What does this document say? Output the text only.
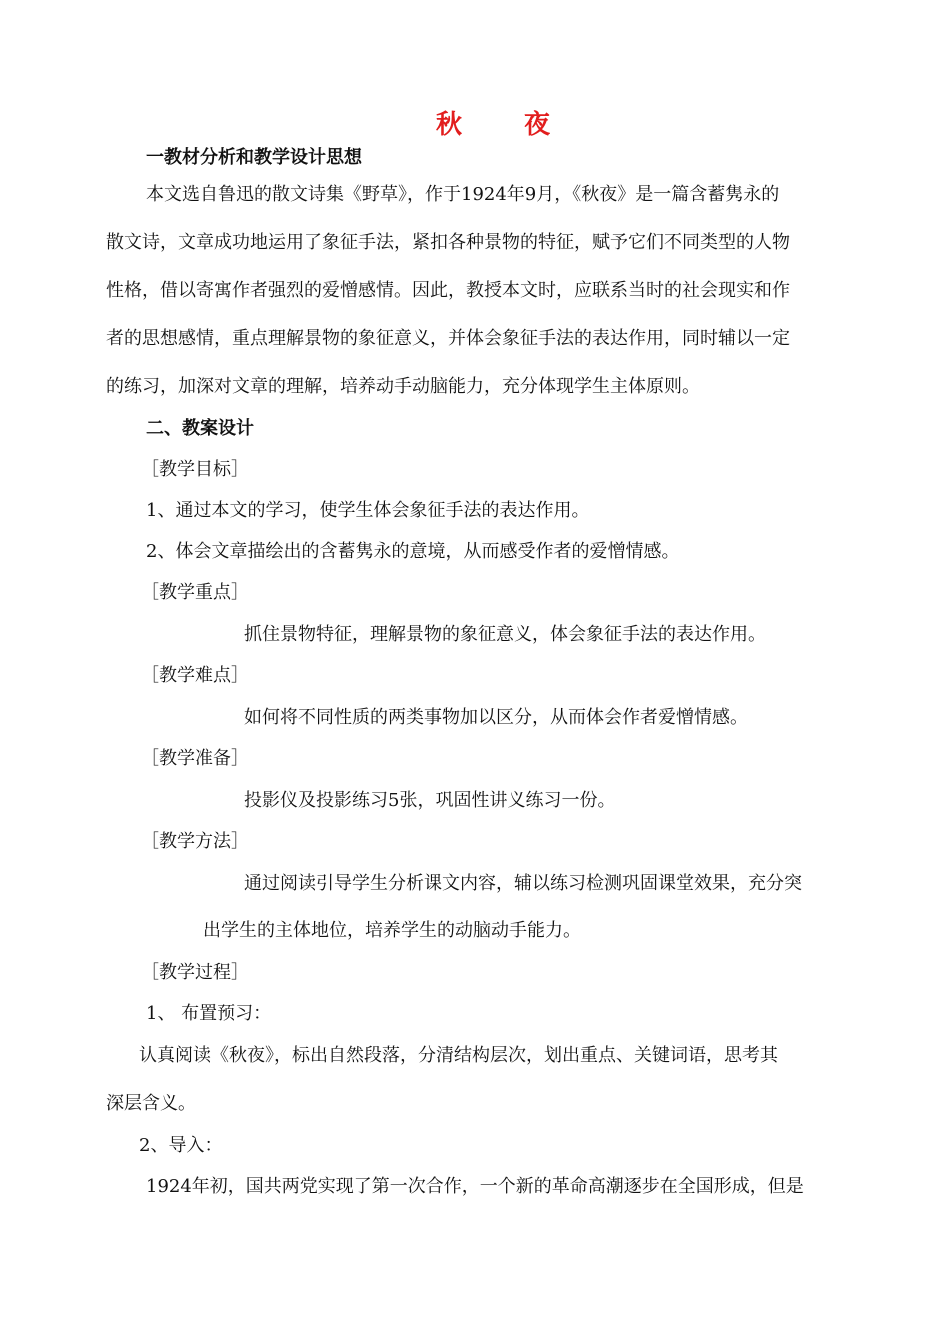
秋 夜
一教材分析和教学设计思想
本文选自鲁迅的散文诗集《野草》，作于1924年9月，《秋夜》是一篇含蓄隽永的
散文诗，文章成功地运用了象征手法，紧扣各种景物的特征，赋予它们不同类型的人物
性格，借以寄寓作者强烈的爱憎感情。因此，教授本文时，应联系当时的社会现实和作
者的思想感情，重点理解景物的象征意义，并体会象征手法的表达作用，同时辅以一定
的练习，加深对文章的理解，培养动手动脑能力，充分体现学生主体原则。
二、教案设计
［教学目标］
1、通过本文的学习，使学生体会象征手法的表达作用。
2、体会文章描绘出的含蓄隽永的意境，从而感受作者的爱憎情感。
［教学重点］
抓住景物特征，理解景物的象征意义，体会象征手法的表达作用。
［教学难点］
如何将不同性质的两类事物加以区分，从而体会作者爱憎情感。
［教学准备］
投影仪及投影练习5张，巩固性讲义练习一份。
［教学方法］
通过阅读引导学生分析课文内容，辅以练习检测巩固课堂效果，充分突
出学生的主体地位，培养学生的动脑动手能力。
［教学过程］
1、 布置预习：
认真阅读《秋夜》，标出自然段落，分清结构层次，划出重点、关键词语，思考其
深层含义。
2、导入：
1924年初，国共两党实现了第一次合作，一个新的革命高潮逐步在全国形成，但是
